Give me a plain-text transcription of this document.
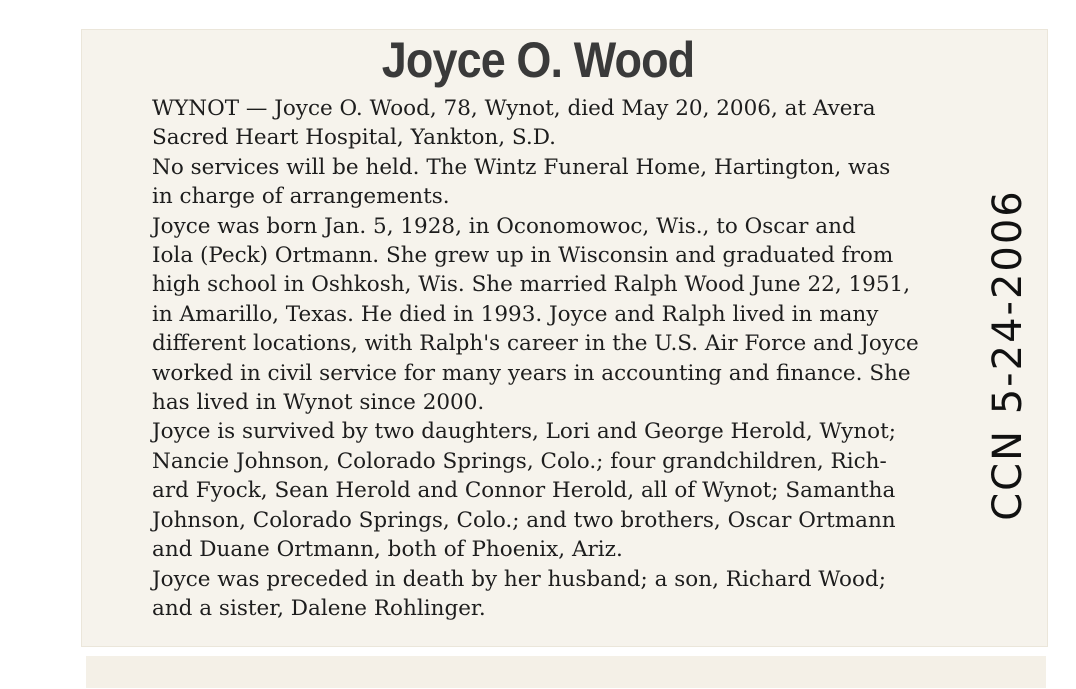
Joyce O. Wood

WYNOT — Joyce O. Wood, 78, Wynot, died May 20, 2006, at Avera
Sacred Heart Hospital, Yankton, S.D.

No services will be held. The Wintz Funeral Home, Hartington, was
in charge of arrangements.

Joyce was born Jan. 5, 1928, in Oconomowoc, Wis., to Oscar and
Iola (Peck) Ortmann. She grew up in Wisconsin and graduated from
high school in Oshkosh, Wis. She married Ralph Wood June 22, 1951,
in Amarillo, Texas. He died in 1993. Joyce and Ralph lived in many
different locations, with Ralph's career in the U.S. Air Force and Joyce
worked in civil service for many years in accounting and finance. She
has lived in Wynot since 2000.

Joyce is survived by two daughters, Lori and George Herold, Wynot;
Nancie Johnson, Colorado Springs, Colo.; four grandchildren, Rich-
ard Fyock, Sean Herold and Connor Herold, all of Wynot; Samantha
Johnson, Colorado Springs, Colo.; and two brothers, Oscar Ortmann
and Duane Ortmann, both of Phoenix, Ariz.

Joyce was preceded in death by her husband; a son, Richard Wood;
and a sister, Dalene Rohlinger.

CCN 5-24-2006
